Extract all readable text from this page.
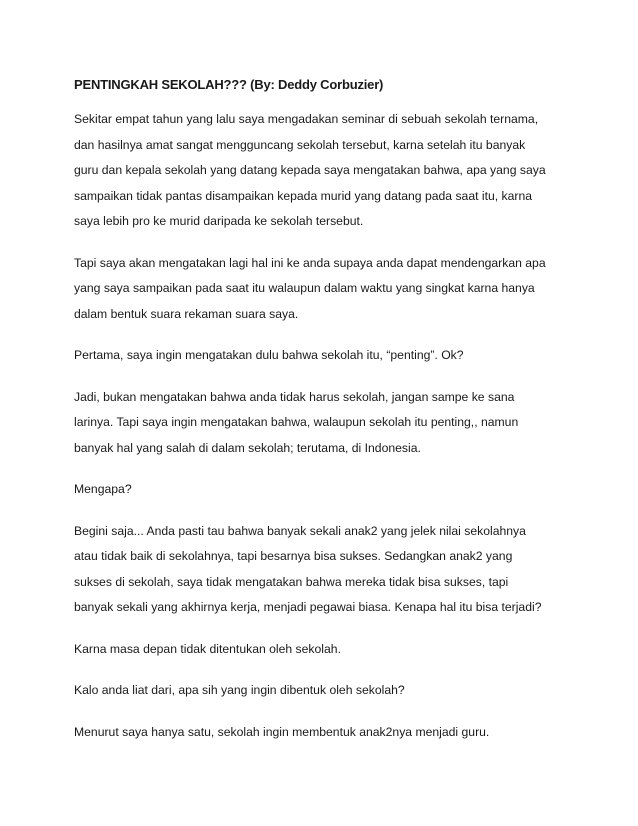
PENTINGKAH SEKOLAH??? (By: Deddy Corbuzier)
Sekitar empat tahun yang lalu saya mengadakan seminar di sebuah sekolah ternama,
dan hasilnya amat sangat mengguncang sekolah tersebut, karna setelah itu banyak
guru dan kepala sekolah yang datang kepada saya mengatakan bahwa, apa yang saya
sampaikan tidak pantas disampaikan kepada murid yang datang pada saat itu, karna
saya lebih pro ke murid daripada ke sekolah tersebut.
Tapi saya akan mengatakan lagi hal ini ke anda supaya anda dapat mendengarkan apa
yang saya sampaikan pada saat itu walaupun dalam waktu yang singkat karna hanya
dalam bentuk suara rekaman suara saya.
Pertama, saya ingin mengatakan dulu bahwa sekolah itu, “penting”. Ok?
Jadi, bukan mengatakan bahwa anda tidak harus sekolah, jangan sampe ke sana
larinya. Tapi saya ingin mengatakan bahwa, walaupun sekolah itu penting,, namun
banyak hal yang salah di dalam sekolah; terutama, di Indonesia.
Mengapa?
Begini saja... Anda pasti tau bahwa banyak sekali anak2 yang jelek nilai sekolahnya
atau tidak baik di sekolahnya, tapi besarnya bisa sukses. Sedangkan anak2 yang
sukses di sekolah, saya tidak mengatakan bahwa mereka tidak bisa sukses, tapi
banyak sekali yang akhirnya kerja, menjadi pegawai biasa. Kenapa hal itu bisa terjadi?
Karna masa depan tidak ditentukan oleh sekolah.
Kalo anda liat dari, apa sih yang ingin dibentuk oleh sekolah?
Menurut saya hanya satu, sekolah ingin membentuk anak2nya menjadi guru.
